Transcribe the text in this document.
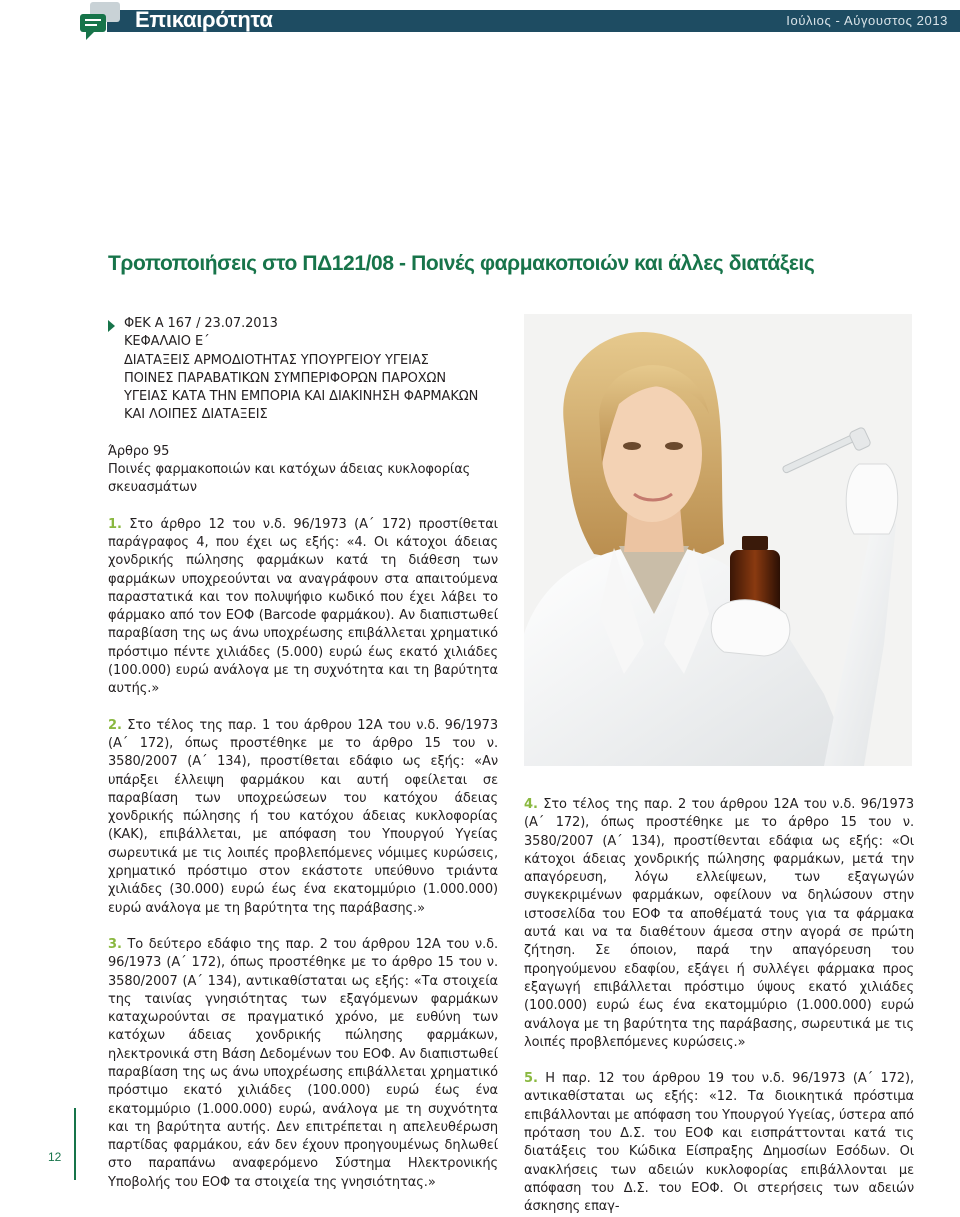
Επικαιρότητα	Ιούλιος - Αύγουστος 2013
Τροποποιήσεις στο ΠΔ121/08 - Ποινές φαρμακοποιών και άλλες διατάξεις

ΦΕΚ Α 167 / 23.07.2013

ΚΕΦΑΛΑΙΟ Ε΄

ΔΙΑΤΑΞΕΙΣ ΑΡΜΟΔΙΟΤΗΤΑΣ ΥΠΟΥΡΓΕΙΟΥ ΥΓΕΙΑΣ

ΠΟΙΝΕΣ ΠΑΡΑΒΑΤΙΚΩΝ ΣΥΜΠΕΡΙΦΟΡΩΝ ΠΑΡΟΧΩΝ

ΥΓΕΙΑΣ ΚΑΤΑ ΤΗΝ ΕΜΠΟΡΙΑ ΚΑΙ ΔΙΑΚΙΝΗΣΗ ΦΑΡΜΑΚΩΝ

ΚΑΙ ΛΟΙΠΕΣ ΔΙΑΤΑΞΕΙΣ

Άρθρο 95

Ποινές φαρμακοποιών και κατόχων άδειας κυκλοφορίας σκευασμάτων

1. Στο άρθρο 12 του ν.δ. 96/1973 (Α΄ 172) προστίθεται παράγραφος 4, που έχει ως εξής: «4. Οι κάτοχοι άδειας χονδρικής πώλησης φαρμάκων κατά τη διάθεση των φαρμάκων υποχρεούνται να αναγράφουν στα απαιτούμενα παραστατικά και τον πολυψήφιο κωδικό που έχει λάβει το φάρμακο από τον ΕΟΦ (Barcode φαρμάκου). Αν διαπιστωθεί παραβίαση της ως άνω υποχρέωσης επιβάλλεται χρηματικό πρόστιμο πέντε χιλιάδες (5.000) ευρώ έως εκατό χιλιάδες (100.000) ευρώ ανάλογα με τη συχνότητα και τη βαρύτητα αυτής.»

2. Στο τέλος της παρ. 1 του άρθρου 12Α του ν.δ. 96/1973 (Α΄ 172), όπως προστέθηκε με το άρθρο 15 του ν. 3580/2007 (Α΄ 134), προστίθεται εδάφιο ως εξής: «Αν υπάρξει έλλειψη φαρμάκου και αυτή οφείλεται σε παραβίαση των υποχρεώσεων του κατόχου άδειας χονδρικής πώλησης ή του κατόχου άδειας κυκλοφορίας (ΚΑΚ), επιβάλλεται, με απόφαση του Υπουργού Υγείας σωρευτικά με τις λοιπές προβλεπόμενες νόμιμες κυρώσεις, χρηματικό πρόστιμο στον εκάστοτε υπεύθυνο τριάντα χιλιάδες (30.000) ευρώ έως ένα εκατομμύριο (1.000.000) ευρώ ανάλογα με τη βαρύτητα της παράβασης.»

3. Το δεύτερο εδάφιο της παρ. 2 του άρθρου 12Α του ν.δ. 96/1973 (Α΄ 172), όπως προστέθηκε με το άρθρο 15 του ν. 3580/2007 (Α΄ 134), αντικαθίσταται ως εξής: «Τα στοιχεία της ταινίας γνησιότητας των εξαγόμενων φαρμάκων καταχωρούνται σε πραγματικό χρόνο, με ευθύνη των κατόχων άδειας χονδρικής πώλησης φαρμάκων, ηλεκτρονικά στη Βάση Δεδομένων του ΕΟΦ. Αν διαπιστωθεί παραβίαση της ως άνω υποχρέωσης επιβάλλεται χρηματικό πρόστιμο εκατό χιλιάδες (100.000) ευρώ έως ένα εκατομμύριο (1.000.000) ευρώ, ανάλογα με τη συχνότητα και τη βαρύτητα αυτής. Δεν επιτρέπεται η απελευθέρωση παρτίδας φαρμάκου, εάν δεν έχουν προηγουμένως δηλωθεί στο παραπάνω αναφερόμενο Σύστημα Ηλεκτρονικής Υποβολής του ΕΟΦ τα στοιχεία της γνησιότητας.»

4. Στο τέλος της παρ. 2 του άρθρου 12Α του ν.δ. 96/1973 (Α΄ 172), όπως προστέθηκε με το άρθρο 15 του ν. 3580/2007 (Α΄ 134), προστίθενται εδάφια ως εξής: «Οι κάτοχοι άδειας χονδρικής πώλησης φαρμάκων, μετά την απαγόρευση, λόγω ελλείψεων, των εξαγωγών συγκεκριμένων φαρμάκων, οφείλουν να δηλώσουν στην ιστοσελίδα του ΕΟΦ τα αποθέματά τους για τα φάρμακα αυτά και να τα διαθέτουν άμεσα στην αγορά σε πρώτη ζήτηση. Σε όποιον, παρά την απαγόρευση του προηγούμενου εδαφίου, εξάγει ή συλλέγει φάρμακα προς εξαγωγή επιβάλλεται πρόστιμο ύψους εκατό χιλιάδες (100.000) ευρώ έως ένα εκατομμύριο (1.000.000) ευρώ ανάλογα με τη βαρύτητα της παράβασης, σωρευτικά με τις λοιπές προβλεπόμενες κυρώσεις.»

5. Η παρ. 12 του άρθρου 19 του ν.δ. 96/1973 (Α΄ 172), αντικαθίσταται ως εξής: «12. Τα διοικητικά πρόστιμα επιβάλλονται με απόφαση του Υπουργού Υγείας, ύστερα από πρόταση του Δ.Σ. του ΕΟΦ και εισπράττονται κατά τις διατάξεις του Κώδικα Είσπραξης Δημοσίων Εσόδων. Οι ανακλήσεις των αδειών κυκλοφορίας επιβάλλονται με απόφαση του Δ.Σ. του ΕΟΦ. Οι στερήσεις των αδειών άσκησης επαγ-

12
